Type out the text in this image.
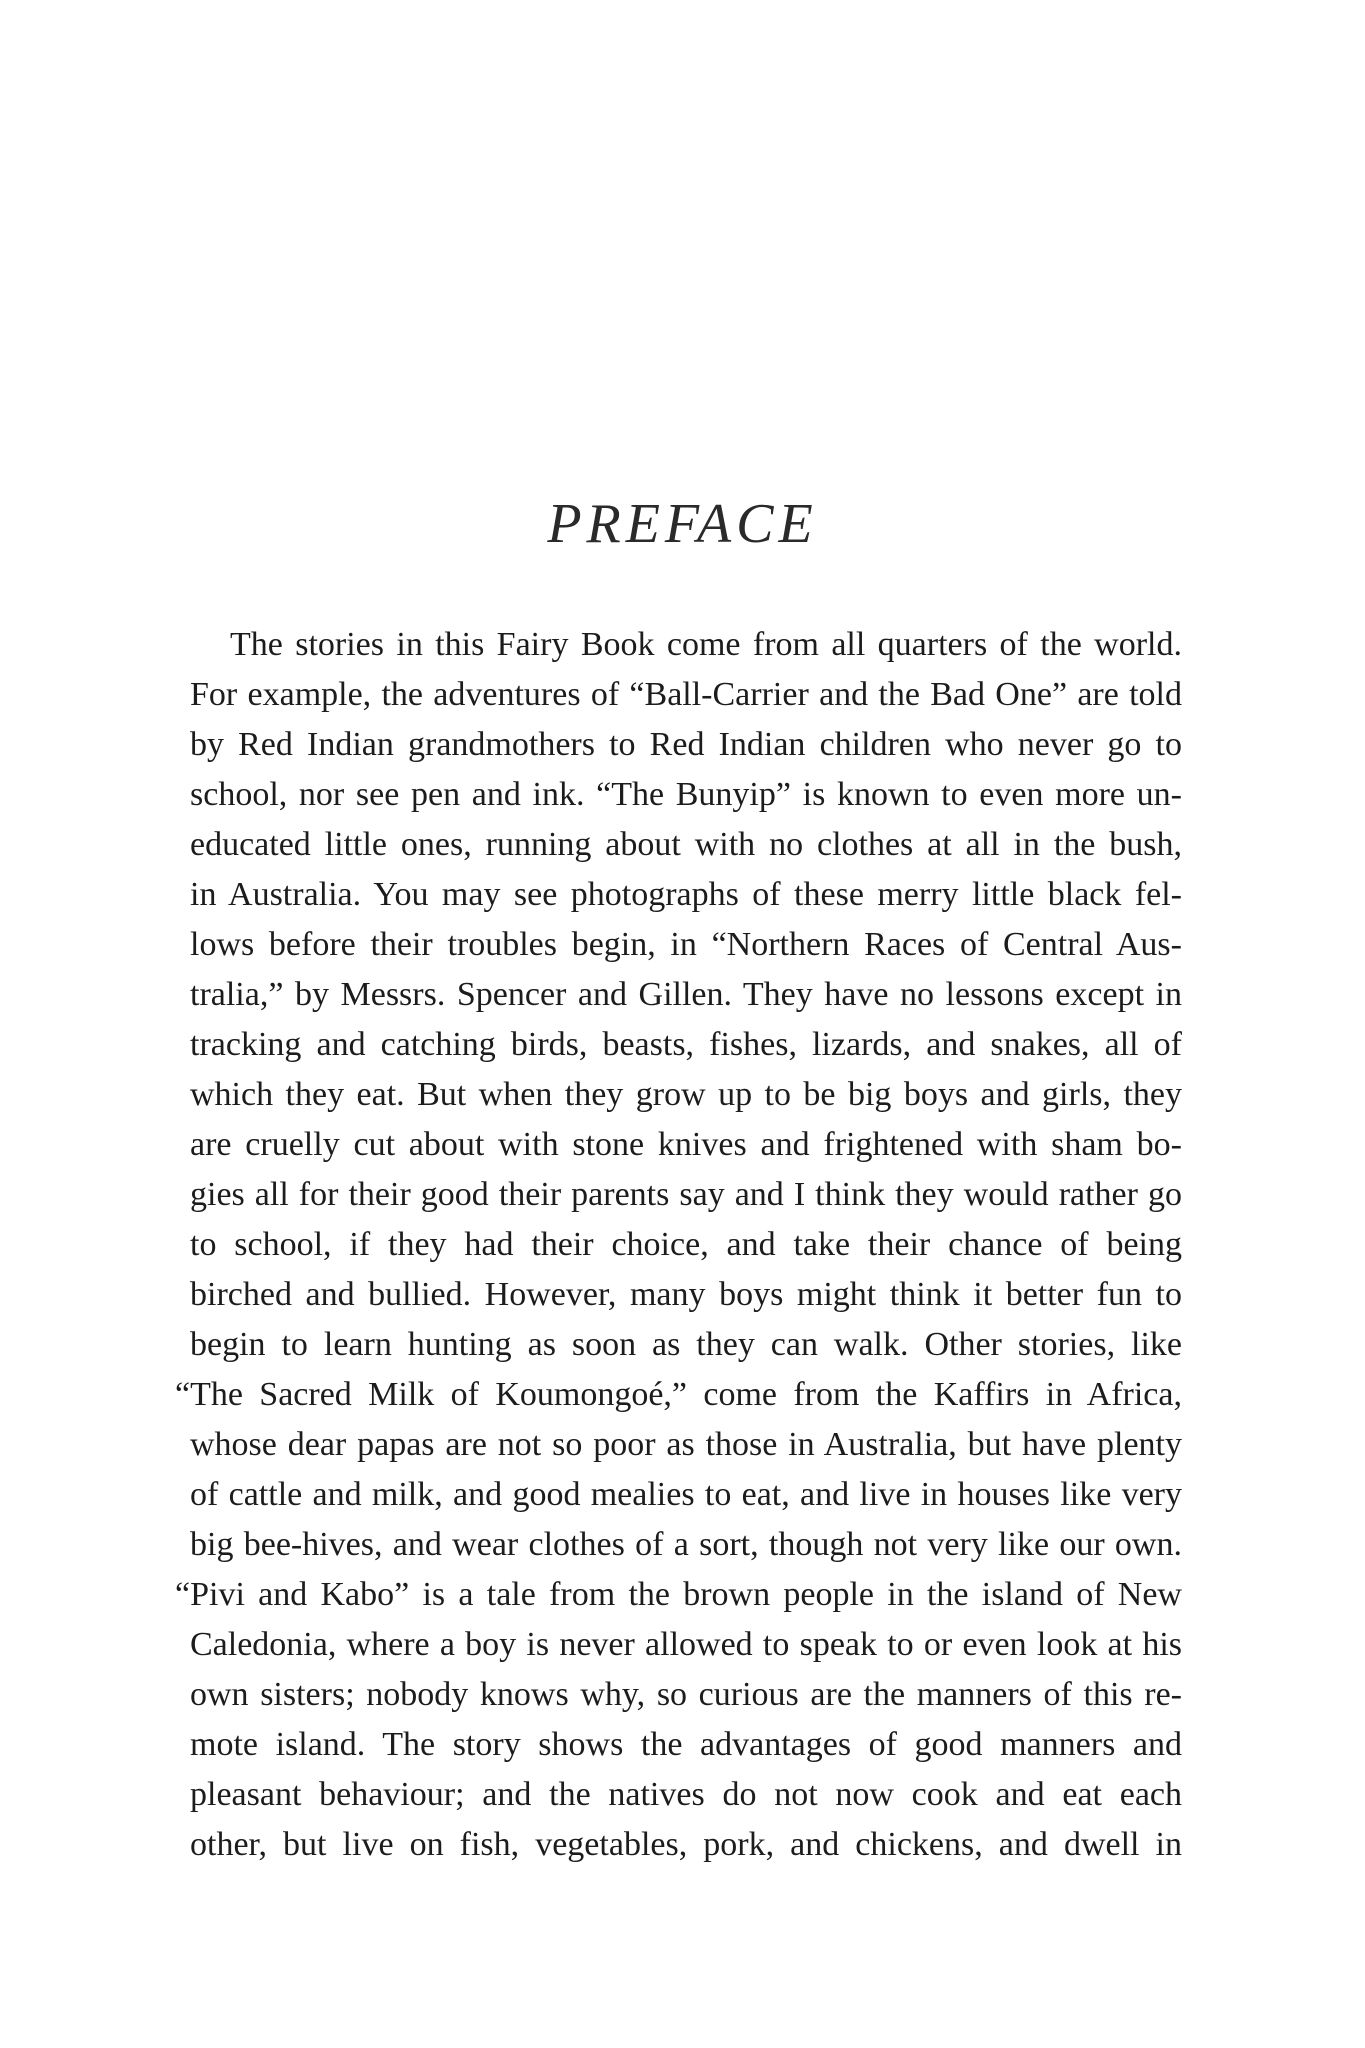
PREFACE
The stories in this Fairy Book come from all quarters of the world.
For example, the adventures of “Ball-Carrier and the Bad One” are told
by Red Indian grandmothers to Red Indian children who never go to
school, nor see pen and ink. “The Bunyip” is known to even more un-
educated little ones, running about with no clothes at all in the bush,
in Australia. You may see photographs of these merry little black fel-
lows before their troubles begin, in “Northern Races of Central Aus-
tralia,” by Messrs. Spencer and Gillen. They have no lessons except in
tracking and catching birds, beasts, fishes, lizards, and snakes, all of
which they eat. But when they grow up to be big boys and girls, they
are cruelly cut about with stone knives and frightened with sham bo-
gies all for their good their parents say and I think they would rather go
to school, if they had their choice, and take their chance of being
birched and bullied. However, many boys might think it better fun to
begin to learn hunting as soon as they can walk. Other stories, like
“The Sacred Milk of Koumongoé,” come from the Kaffirs in Africa,
whose dear papas are not so poor as those in Australia, but have plenty
of cattle and milk, and good mealies to eat, and live in houses like very
big bee-hives, and wear clothes of a sort, though not very like our own.
“Pivi and Kabo” is a tale from the brown people in the island of New
Caledonia, where a boy is never allowed to speak to or even look at his
own sisters; nobody knows why, so curious are the manners of this re-
mote island. The story shows the advantages of good manners and
pleasant behaviour; and the natives do not now cook and eat each
other, but live on fish, vegetables, pork, and chickens, and dwell in
